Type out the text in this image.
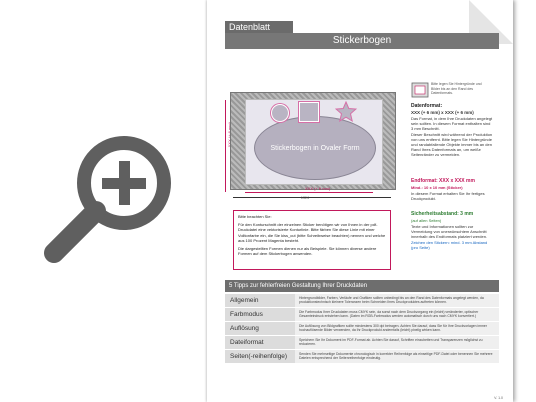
Datenblatt
Stickerbogen
Stickerbogen in Ovaler Form
XXX (+ 6 mm)
XXX

Bitte beachten Sie:

Für den Konturschnitt der einzelnen Sticker benötigen wir von Ihnen in der pdf-Druckdatei eine vektorisierte Konturlinie. Bitte färben Sie diese Linie mit einer Volltonfarbe ein, die Sie kiss_cut (bitte Schreibweise beachten) nennen und welche aus 100 Prozent Magenta besteht.

Die dargestellten Formen dienen nur als Beispiele. Sie können diverse andere Formen auf dem Stickerbogen anwenden.

Bitte legen Sie Hintergründe und Bilder bis an den Rand des Datenformats.
Datenformat:

XXX (+ 6 mm) x XXX (+ 6 mm)

Das Format, in dem Ihre Druckdaten angelegt sein sollten. In diesem Format enthalten sind 3 mm Beschnitt.

Dieser Beschnitt wird während der Produktion von uns entfernt. Bitte legen Sie Hintergründe und randabfallende Objekte immer bis an den Rand Ihres Datenformats an, um weiße Seitenränder zu vermeiden.

Endformat: XXX x XXX mm

Mind.: 10 x 10 mm (Sticker)

In diesem Format erhalten Sie Ihr fertiges Druckprodukt.

Sicherheitsabstand: 3 mm

(auf allen Seiten)

Texte und Informationen sollten zur Vermeidung von unerwünschtem Anschnitt innerhalb des Endformats platziert werden.

Zeichen den Stickern: mind. 3 mm Abstand (pro Seite)

5 Tipps zur fehlerfreien Gestaltung Ihrer Druckdaten
Allgemein	Hintergrundbilder, Farben, Verläufe und Grafiken sollten unbedingt bis an den Rand des Datenformats angelegt werden, da produktionstechnisch kleinere Toleranzen beim Schneiden Ihres Druckproduktes auftreten können.
Farbmodus	Die Farbmodus Ihrer Druckdaten muss CMYK sein, da sonst nach dem Druckvorgang ein (leicht) veränderter, optischer Gesamteindruck entstehen kann. (Daten im RGB-Farbmodus werden automatisch durch uns nach CMYK konvertiert.)
Auflösung	Die Auflösung von Bildgrafiken sollte mindestens 300 dpi betragen. Achten Sie darauf, dass Sie für Ihre Druckvorlagen immer hochauflösende Bilder verwenden, da Ihr Druckprodukt andernfalls (leicht) pixelig wirken kann.
Dateiformat	Speichern Sie Ihr Dokument im PDF-Format ab. Achten Sie darauf, Schriften einzubetten und Transparenzen möglichst zu reduzieren.
Seiten(-reihenfolge)	Senden Sie mehrseitige Dokumente chronologisch in korrekter Reihenfolge als einseitige PDF-Datei oder benennen Sie mehrere Dateien entsprechend der Seitenreihenfolge eindeutig.
V. 1.0
